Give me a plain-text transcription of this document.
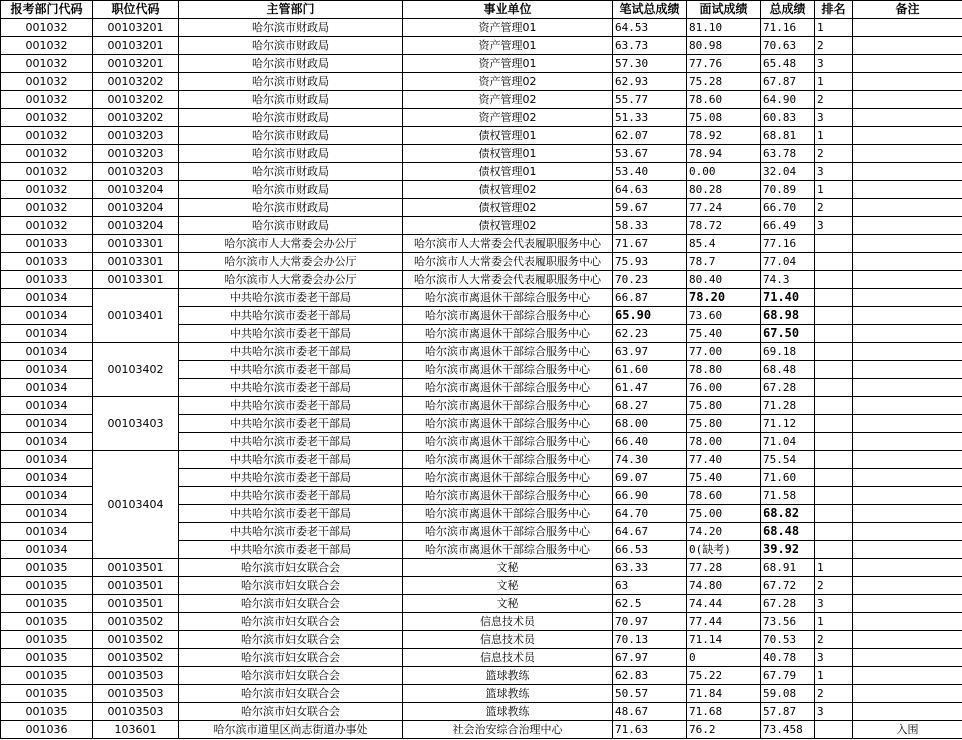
报考部门代码	职位代码	主管部门	事业单位	笔试总成绩	面试成绩	总成绩	排名	备注
001032	00103201	哈尔滨市财政局	资产管理01	64.53	81.10	71.16	1	
001032	00103201	哈尔滨市财政局	资产管理01	63.73	80.98	70.63	2	
001032	00103201	哈尔滨市财政局	资产管理01	57.30	77.76	65.48	3	
001032	00103202	哈尔滨市财政局	资产管理02	62.93	75.28	67.87	1	
001032	00103202	哈尔滨市财政局	资产管理02	55.77	78.60	64.90	2	
001032	00103202	哈尔滨市财政局	资产管理02	51.33	75.08	60.83	3	
001032	00103203	哈尔滨市财政局	债权管理01	62.07	78.92	68.81	1	
001032	00103203	哈尔滨市财政局	债权管理01	53.67	78.94	63.78	2	
001032	00103203	哈尔滨市财政局	债权管理01	53.40	0.00	32.04	3	
001032	00103204	哈尔滨市财政局	债权管理02	64.63	80.28	70.89	1	
001032	00103204	哈尔滨市财政局	债权管理02	59.67	77.24	66.70	2	
001032	00103204	哈尔滨市财政局	债权管理02	58.33	78.72	66.49	3	
001033	00103301	哈尔滨市人大常委会办公厅	哈尔滨市人大常委会代表履职服务中心	71.67	85.4	77.16		
001033	00103301	哈尔滨市人大常委会办公厅	哈尔滨市人大常委会代表履职服务中心	75.93	78.7	77.04		
001033	00103301	哈尔滨市人大常委会办公厅	哈尔滨市人大常委会代表履职服务中心	70.23	80.40	74.3		
001034	00103401	中共哈尔滨市委老干部局	哈尔滨市离退休干部综合服务中心	66.87	78.20	71.40		
001034		中共哈尔滨市委老干部局	哈尔滨市离退休干部综合服务中心	65.90	73.60	68.98		
001034		中共哈尔滨市委老干部局	哈尔滨市离退休干部综合服务中心	62.23	75.40	67.50		
001034	00103402	中共哈尔滨市委老干部局	哈尔滨市离退休干部综合服务中心	63.97	77.00	69.18		
001034		中共哈尔滨市委老干部局	哈尔滨市离退休干部综合服务中心	61.60	78.80	68.48		
001034		中共哈尔滨市委老干部局	哈尔滨市离退休干部综合服务中心	61.47	76.00	67.28		
001034	00103403	中共哈尔滨市委老干部局	哈尔滨市离退休干部综合服务中心	68.27	75.80	71.28		
001034		中共哈尔滨市委老干部局	哈尔滨市离退休干部综合服务中心	68.00	75.80	71.12		
001034		中共哈尔滨市委老干部局	哈尔滨市离退休干部综合服务中心	66.40	78.00	71.04		
001034	00103404	中共哈尔滨市委老干部局	哈尔滨市离退休干部综合服务中心	74.30	77.40	75.54		
001034		中共哈尔滨市委老干部局	哈尔滨市离退休干部综合服务中心	69.07	75.40	71.60		
001034		中共哈尔滨市委老干部局	哈尔滨市离退休干部综合服务中心	66.90	78.60	71.58		
001034		中共哈尔滨市委老干部局	哈尔滨市离退休干部综合服务中心	64.70	75.00	68.82		
001034		中共哈尔滨市委老干部局	哈尔滨市离退休干部综合服务中心	64.67	74.20	68.48		
001034		中共哈尔滨市委老干部局	哈尔滨市离退休干部综合服务中心	66.53	0(缺考)	39.92		
001035	00103501	哈尔滨市妇女联合会	文秘	63.33	77.28	68.91	1	
001035	00103501	哈尔滨市妇女联合会	文秘	63	74.80	67.72	2	
001035	00103501	哈尔滨市妇女联合会	文秘	62.5	74.44	67.28	3	
001035	00103502	哈尔滨市妇女联合会	信息技术员	70.97	77.44	73.56	1	
001035	00103502	哈尔滨市妇女联合会	信息技术员	70.13	71.14	70.53	2	
001035	00103502	哈尔滨市妇女联合会	信息技术员	67.97	0	40.78	3	
001035	00103503	哈尔滨市妇女联合会	篮球教练	62.83	75.22	67.79	1	
001035	00103503	哈尔滨市妇女联合会	篮球教练	50.57	71.84	59.08	2	
001035	00103503	哈尔滨市妇女联合会	篮球教练	48.67	71.68	57.87	3	
001036	103601	哈尔滨市道里区尚志街道办事处	社会治安综合治理中心	71.63	76.2	73.458		入围
